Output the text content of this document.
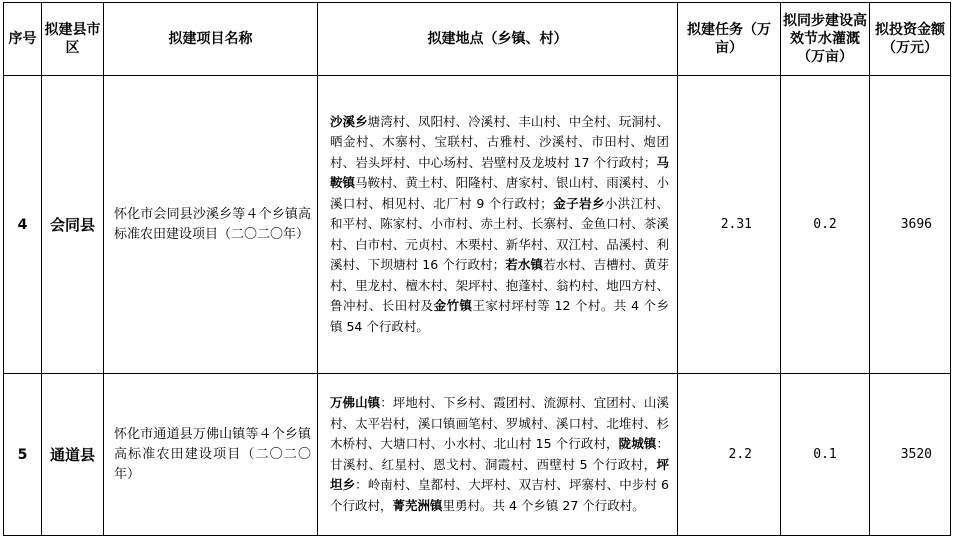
序号	拟建县市区	拟建项目名称	拟建地点（乡镇、村）	拟建任务（万亩）	拟同步建设高效节水灌溉（万亩）	拟投资金额（万元）
4	会同县	怀化市会同县沙溪乡等４个乡镇高标准农田建设项目（二〇二〇年）	沙溪乡塘湾村、凤阳村、冷溪村、丰山村、中全村、玩洞村、晒金村、木寨村、宝联村、古雅村、沙溪村、市田村、炮团村、岩头坪村、中心场村、岩壁村及龙坡村 17 个行政村；马鞍镇马鞍村、黄土村、阳隆村、唐家村、银山村、雨溪村、小溪口村、相见村、北厂村 9 个行政村；金子岩乡小洪江村、和平村、陈家村、小市村、赤土村、长寨村、金鱼口村、茶溪村、白市村、元贞村、木栗村、新华村、双江村、品溪村、利溪村、下坝塘村 16 个行政村；若水镇若水村、吉槽村、黄芽村、里龙村、檀木村、架坪村、抱蓬村、翁杓村、地四方村、鲁冲村、长田村及金竹镇王家村坪村等 12 个村。共 4 个乡镇 54 个行政村。	2.31	0.2	3696
5	通道县	怀化市通道县万佛山镇等４个乡镇高标准农田建设项目（二〇二〇年）	万佛山镇：坪地村、下乡村、霞团村、流源村、宜团村、山溪村、太平岩村，溪口镇画笔村、罗城村、溪口村、北堆村、杉木桥村、大塘口村、小水村、北山村 15 个行政村，陇城镇：甘溪村、红星村、恩戈村、洞霞村、西壁村 5 个行政村，坪坦乡：岭南村、皇都村、大坪村、双吉村、坪寨村、中步村 6 个行政村，菁芜洲镇里勇村。共 4 个乡镇 27 个行政村。	2.2	0.1	3520
